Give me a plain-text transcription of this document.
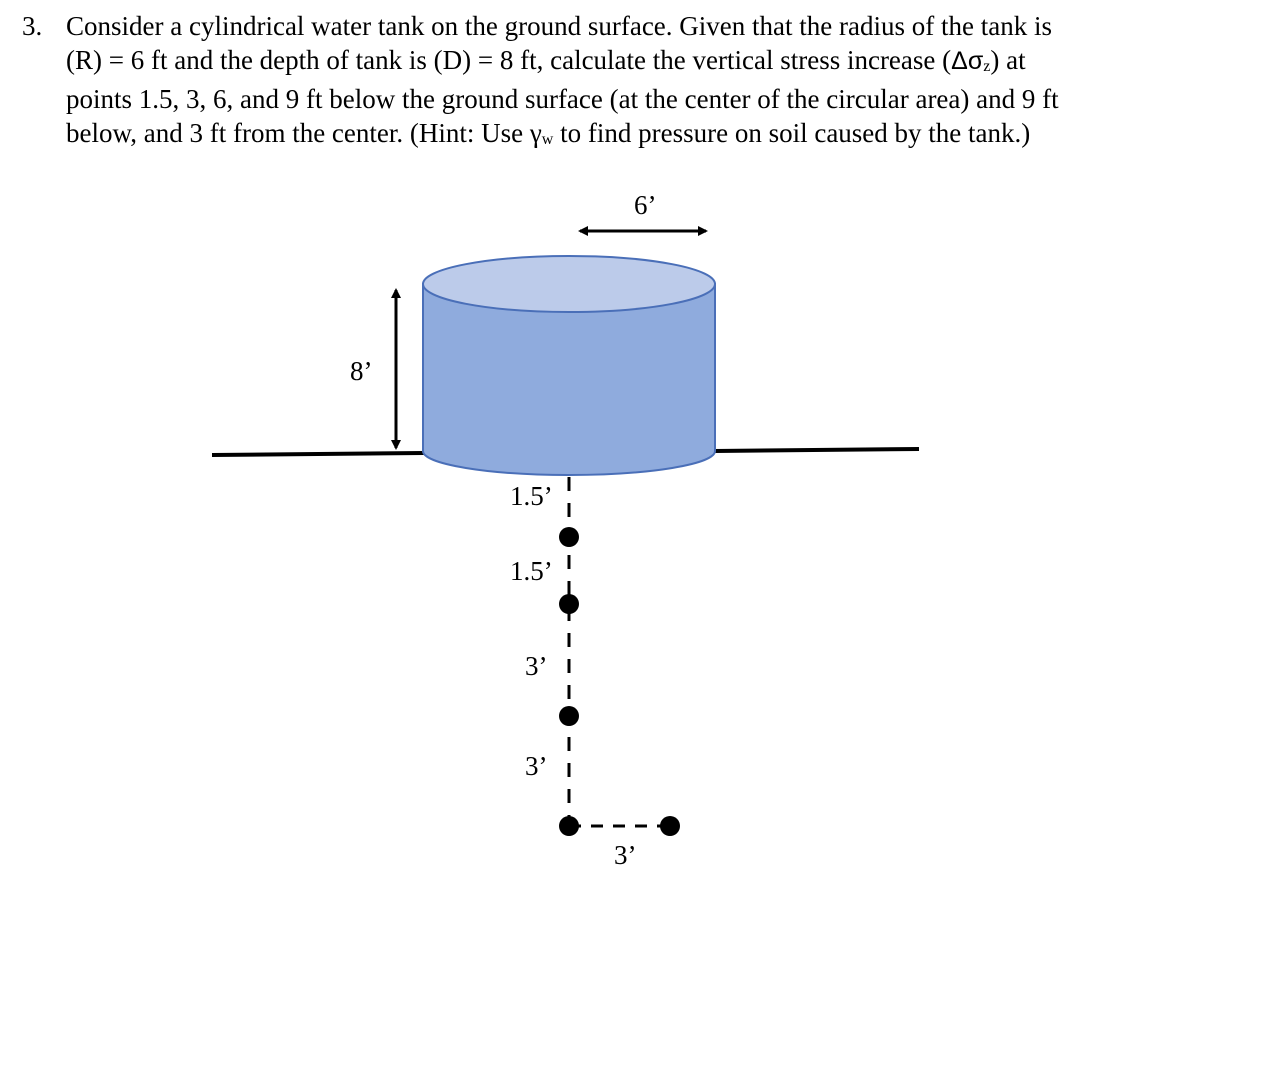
3. Consider a cylindrical water tank on the ground surface. Given that the radius of the tank is
(R) = 6 ft and the depth of tank is (D) = 8 ft, calculate the vertical stress increase (Δσz) at
points 1.5, 3, 6, and 9 ft below the ground surface (at the center of the circular area) and 9 ft
below, and 3 ft from the center. (Hint: Use γw to find pressure on soil caused by the tank.)
6’
8’
1.5’
1.5’
3’
3’
3’
